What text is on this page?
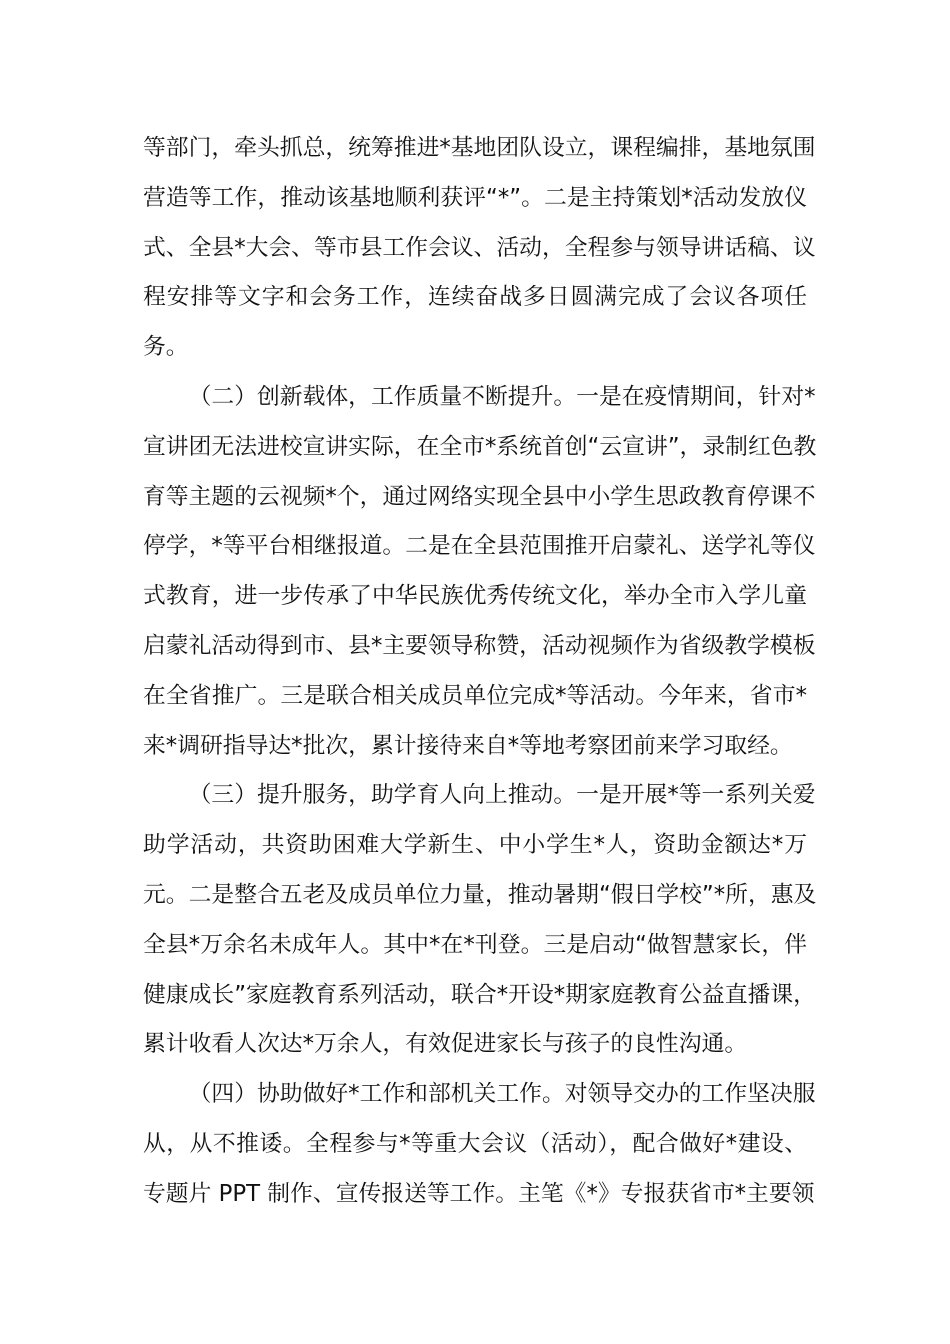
等部门，牵头抓总，统筹推进*基地团队设立，课程编排，基地氛围
营造等工作，推动该基地顺利获评“*”。二是主持策划*活动发放仪
式、全县*大会、等市县工作会议、活动，全程参与领导讲话稿、议
程安排等文字和会务工作，连续奋战多日圆满完成了会议各项任
务。

（二）创新载体，工作质量不断提升。一是在疫情期间，针对*
宣讲团无法进校宣讲实际，在全市*系统首创“云宣讲”，录制红色教
育等主题的云视频*个，通过网络实现全县中小学生思政教育停课不
停学，*等平台相继报道。二是在全县范围推开启蒙礼、送学礼等仪
式教育，进一步传承了中华民族优秀传统文化，举办全市入学儿童
启蒙礼活动得到市、县*主要领导称赞，活动视频作为省级教学模板
在全省推广。三是联合相关成员单位完成*等活动。今年来，省市*
来*调研指导达*批次，累计接待来自*等地考察团前来学习取经。

（三）提升服务，助学育人向上推动。一是开展*等一系列关爱
助学活动，共资助困难大学新生、中小学生*人，资助金额达*万
元。二是整合五老及成员单位力量，推动暑期“假日学校”*所，惠及
全县*万余名未成年人。其中*在*刊登。三是启动“做智慧家长，伴
健康成长”家庭教育系列活动，联合*开设*期家庭教育公益直播课，
累计收看人次达*万余人，有效促进家长与孩子的良性沟通。

（四）协助做好*工作和部机关工作。对领导交办的工作坚决服
从，从不推诿。全程参与*等重大会议（活动），配合做好*建设、
专题片 PPT 制作、宣传报送等工作。主笔《*》专报获省市*主要领
